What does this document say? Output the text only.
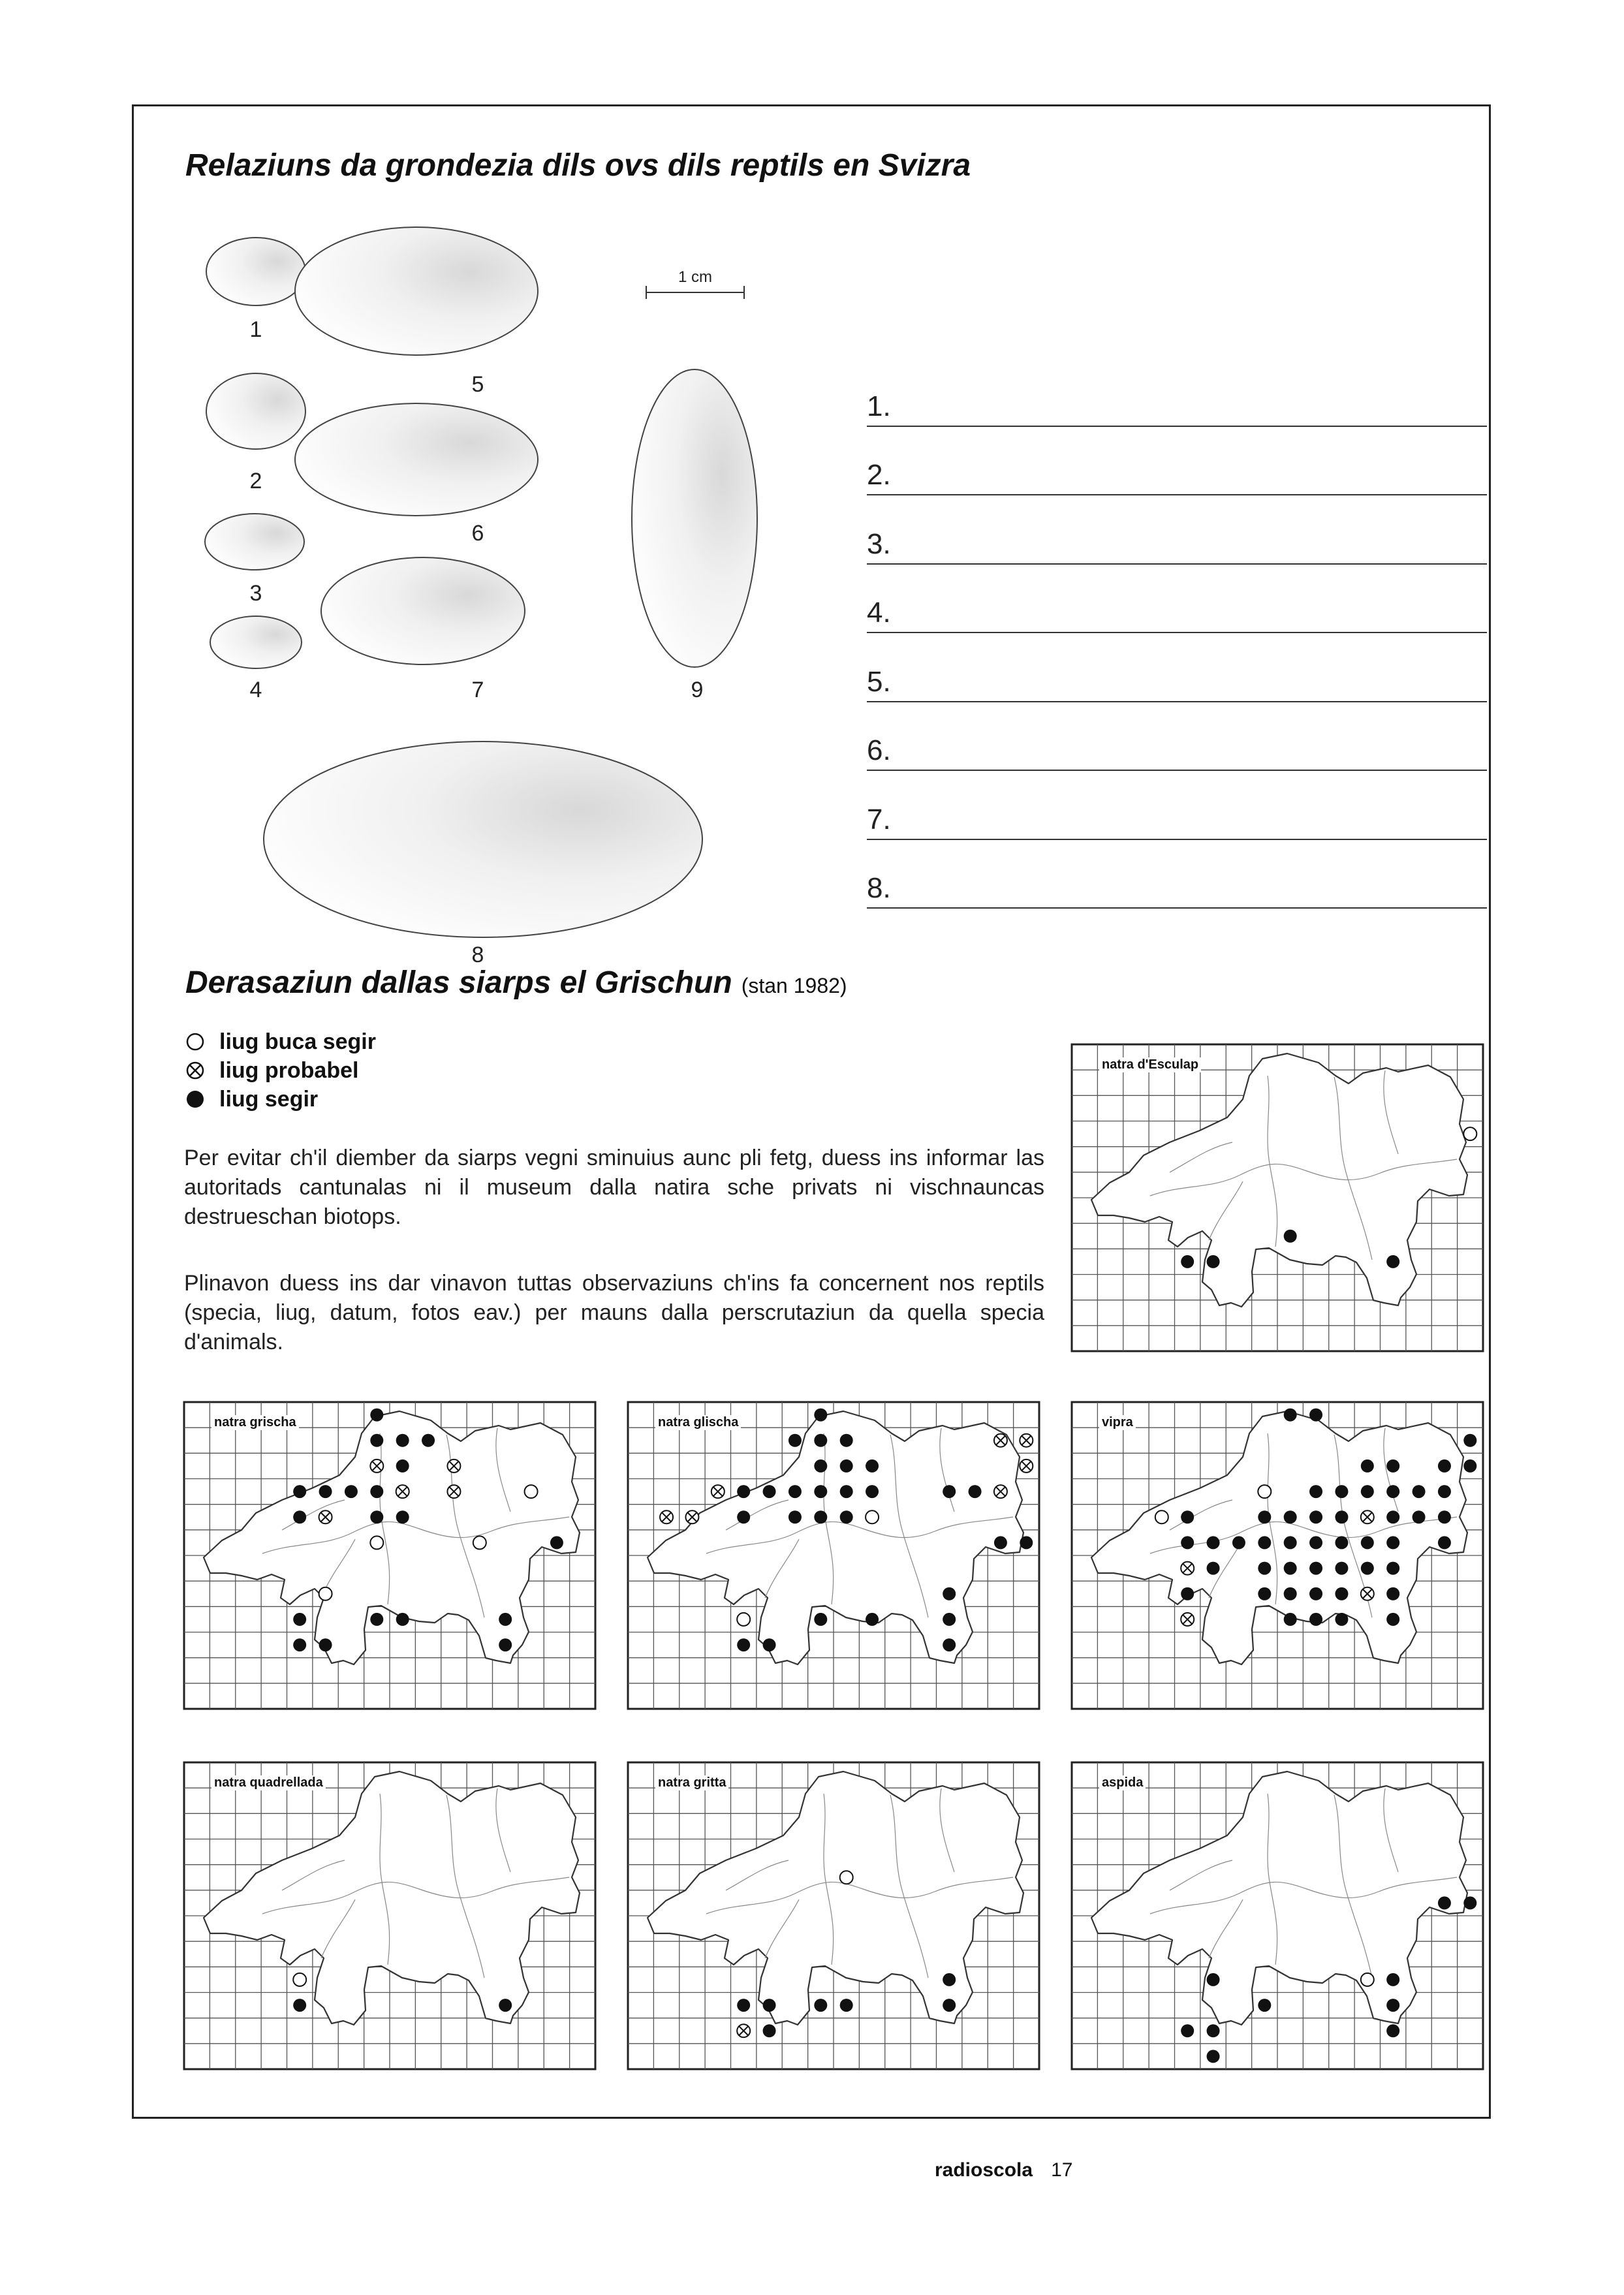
Relaziuns da grondezia dils ovs dils reptils en Svizra
1 cm
1
2
3
4
5
6
7
8
9
1.
2.
3.
4.
5.
6.
7.
8.
Derasaziun dallas siarps el Grischun (stan 1982)
liug buca segir
liug probabel
liug segir
Per evitar ch'il diember da siarps vegni sminuius aunc pli fetg, duess ins informar las autoritads cantunalas ni il museum dalla natira sche privats ni vischnauncas destrueschan biotops.
Plinavon duess ins dar vinavon tuttas observaziuns ch'ins fa concernent nos reptils (specia, liug, datum, fotos eav.) per mauns dalla perscrutaziun da quella specia d'animals.
natra d'Esculap
natra grischa	natra glischa	vipra
natra quadrellada	natra gritta	aspida
radioscola 17
